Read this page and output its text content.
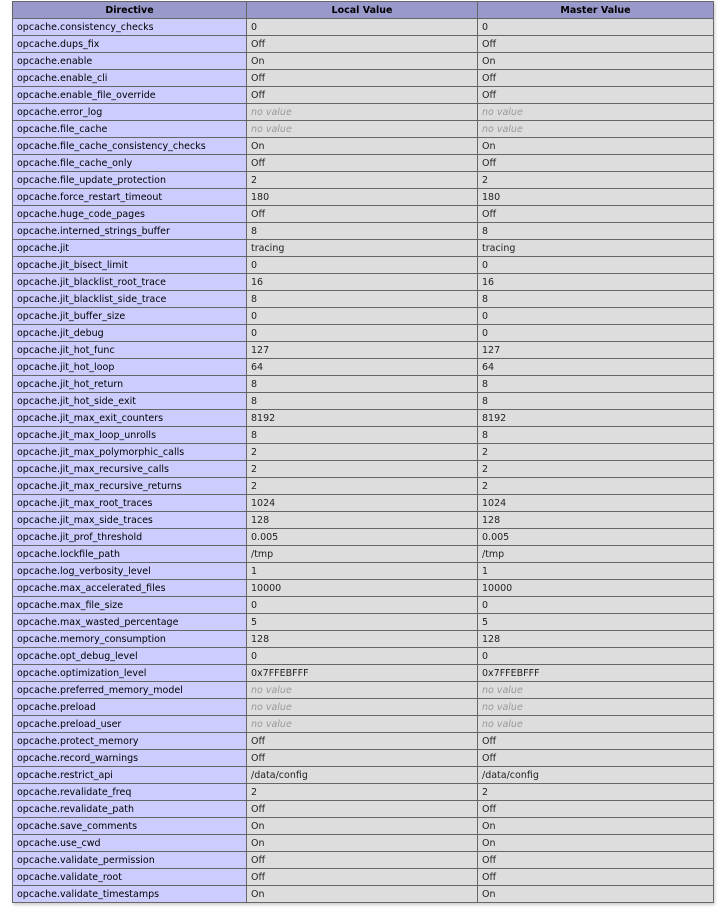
Directive	Local Value	Master Value
opcache.consistency_checks	0	0
opcache.dups_fix	Off	Off
opcache.enable	On	On
opcache.enable_cli	Off	Off
opcache.enable_file_override	Off	Off
opcache.error_log	no value	no value
opcache.file_cache	no value	no value
opcache.file_cache_consistency_checks	On	On
opcache.file_cache_only	Off	Off
opcache.file_update_protection	2	2
opcache.force_restart_timeout	180	180
opcache.huge_code_pages	Off	Off
opcache.interned_strings_buffer	8	8
opcache.jit	tracing	tracing
opcache.jit_bisect_limit	0	0
opcache.jit_blacklist_root_trace	16	16
opcache.jit_blacklist_side_trace	8	8
opcache.jit_buffer_size	0	0
opcache.jit_debug	0	0
opcache.jit_hot_func	127	127
opcache.jit_hot_loop	64	64
opcache.jit_hot_return	8	8
opcache.jit_hot_side_exit	8	8
opcache.jit_max_exit_counters	8192	8192
opcache.jit_max_loop_unrolls	8	8
opcache.jit_max_polymorphic_calls	2	2
opcache.jit_max_recursive_calls	2	2
opcache.jit_max_recursive_returns	2	2
opcache.jit_max_root_traces	1024	1024
opcache.jit_max_side_traces	128	128
opcache.jit_prof_threshold	0.005	0.005
opcache.lockfile_path	/tmp	/tmp
opcache.log_verbosity_level	1	1
opcache.max_accelerated_files	10000	10000
opcache.max_file_size	0	0
opcache.max_wasted_percentage	5	5
opcache.memory_consumption	128	128
opcache.opt_debug_level	0	0
opcache.optimization_level	0x7FFEBFFF	0x7FFEBFFF
opcache.preferred_memory_model	no value	no value
opcache.preload	no value	no value
opcache.preload_user	no value	no value
opcache.protect_memory	Off	Off
opcache.record_warnings	Off	Off
opcache.restrict_api	/data/config	/data/config
opcache.revalidate_freq	2	2
opcache.revalidate_path	Off	Off
opcache.save_comments	On	On
opcache.use_cwd	On	On
opcache.validate_permission	Off	Off
opcache.validate_root	Off	Off
opcache.validate_timestamps	On	On
